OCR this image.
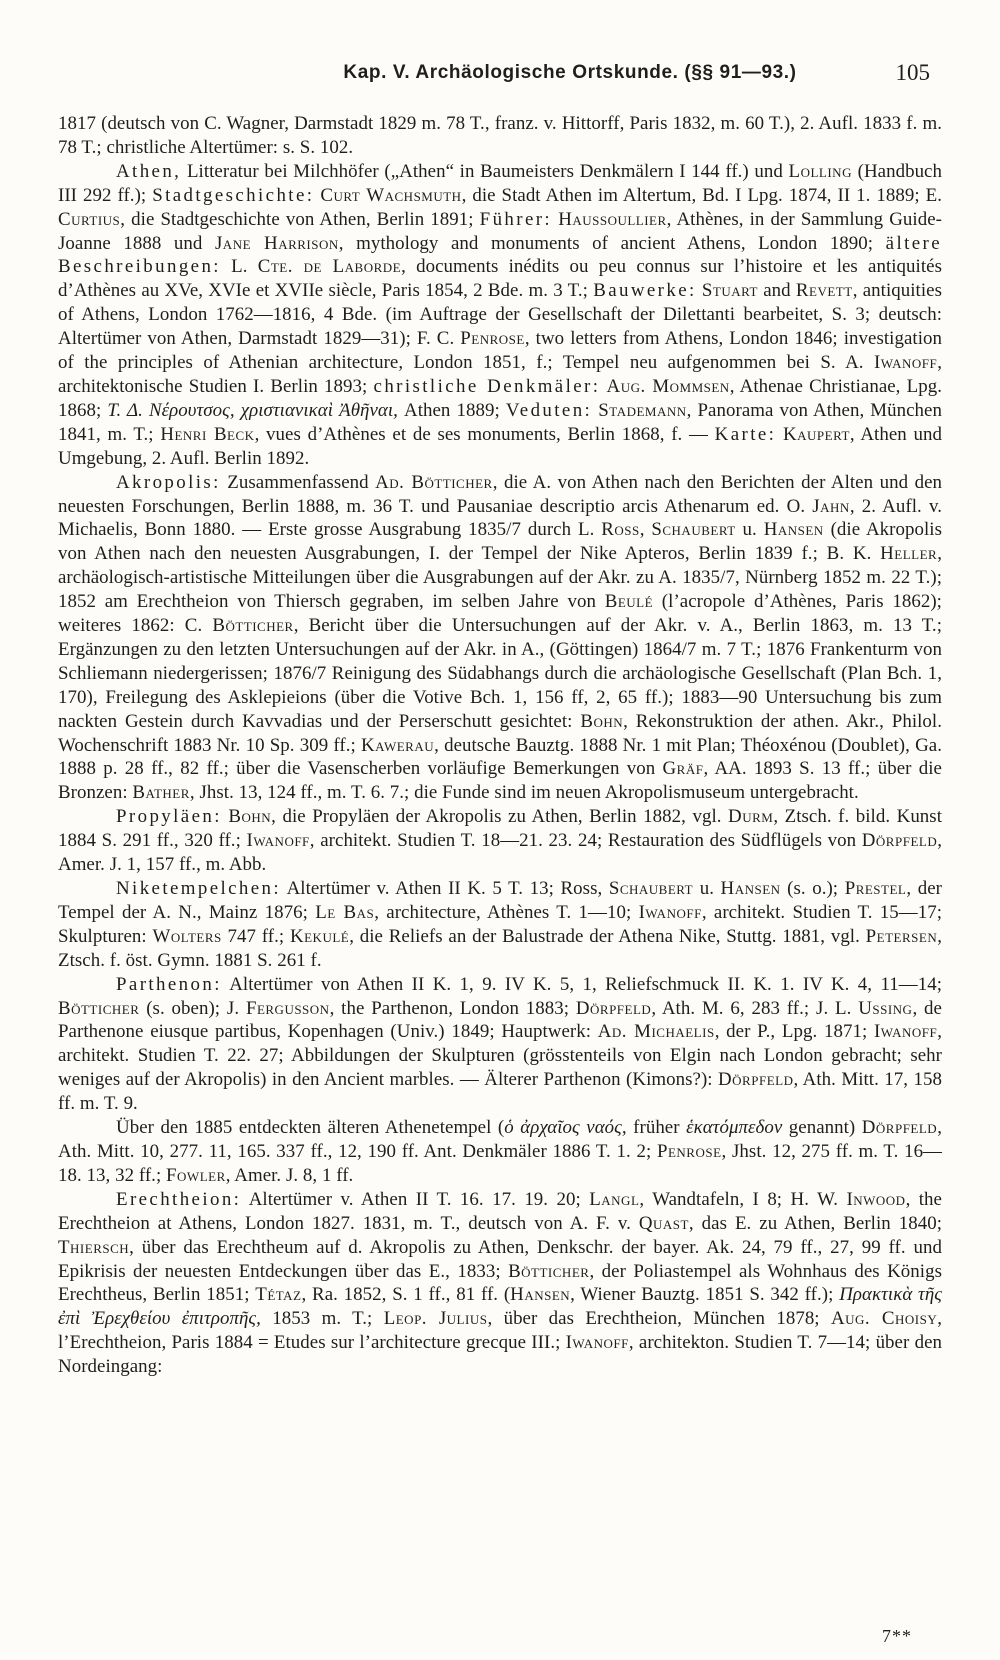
Kap. V. Archäologische Ortskunde. (§§ 91—93.)	105

1817 (deutsch von C. Wagner, Darmstadt 1829 m. 78 T., franz. v. Hittorff, Paris 1832, m. 60 T.), 2. Aufl. 1833 f. m. 78 T.; christliche Altertümer: s. S. 102.

Athen, Litteratur bei Milchhöfer („Athen“ in Baumeisters Denkmälern I 144 ff.) und Lolling (Handbuch III 292 ff.); Stadtgeschichte: Curt Wachsmuth, die Stadt Athen im Altertum, Bd. I Lpg. 1874, II 1. 1889; E. Curtius, die Stadtgeschichte von Athen, Berlin 1891; Führer: Haussoullier, Athènes, in der Sammlung Guide-Joanne 1888 und Jane Harrison, mythology and monuments of ancient Athens, London 1890; ältere Beschreibungen: L. Cte. de Laborde, documents inédits ou peu connus sur l’histoire et les antiquités d’Athènes au XVe, XVIe et XVIIe siècle, Paris 1854, 2 Bde. m. 3 T.; Bauwerke: Stuart and Revett, antiquities of Athens, London 1762—1816, 4 Bde. (im Auftrage der Gesellschaft der Dilettanti bearbeitet, S. 3; deutsch: Altertümer von Athen, Darmstadt 1829—31); F. C. Penrose, two letters from Athens, London 1846; investigation of the principles of Athenian architecture, London 1851, f.; Tempel neu aufgenommen bei S. A. Iwanoff, architektonische Studien I. Berlin 1893; christliche Denkmäler: Aug. Mommsen, Athenae Christianae, Lpg. 1868; Τ. Δ. Νέρουτσος, χριστιανικαὶ Ἀθῆναι, Athen 1889; Veduten: Stademann, Panorama von Athen, München 1841, m. T.; Henri Beck, vues d’Athènes et de ses monuments, Berlin 1868, f. — Karte: Kaupert, Athen und Umgebung, 2. Aufl. Berlin 1892.

Akropolis: Zusammenfassend Ad. Bötticher, die A. von Athen nach den Berichten der Alten und den neuesten Forschungen, Berlin 1888, m. 36 T. und Pausaniae descriptio arcis Athenarum ed. O. Jahn, 2. Aufl. v. Michaelis, Bonn 1880. — Erste grosse Ausgrabung 1835/7 durch L. Ross, Schaubert u. Hansen (die Akropolis von Athen nach den neuesten Ausgrabungen, I. der Tempel der Nike Apteros, Berlin 1839 f.; B. K. Heller, archäologisch-artistische Mitteilungen über die Ausgrabungen auf der Akr. zu A. 1835/7, Nürnberg 1852 m. 22 T.); 1852 am Erechtheion von Thiersch gegraben, im selben Jahre von Beulé (l’acropole d’Athènes, Paris 1862); weiteres 1862: C. Bötticher, Bericht über die Untersuchungen auf der Akr. v. A., Berlin 1863, m. 13 T.; Ergänzungen zu den letzten Untersuchungen auf der Akr. in A., (Göttingen) 1864/7 m. 7 T.; 1876 Frankenturm von Schliemann niedergerissen; 1876/7 Reinigung des Südabhangs durch die archäologische Gesellschaft (Plan Bch. 1, 170), Freilegung des Asklepieions (über die Votive Bch. 1, 156 ff, 2, 65 ff.); 1883—90 Untersuchung bis zum nackten Gestein durch Kavvadias und der Perserschutt gesichtet: Bohn, Rekonstruktion der athen. Akr., Philol. Wochenschrift 1883 Nr. 10 Sp. 309 ff.; Kawerau, deutsche Bauztg. 1888 Nr. 1 mit Plan; Théoxénou (Doublet), Ga. 1888 p. 28 ff., 82 ff.; über die Vasenscherben vorläufige Bemerkungen von Gräf, AA. 1893 S. 13 ff.; über die Bronzen: Bather, Jhst. 13, 124 ff., m. T. 6. 7.; die Funde sind im neuen Akropolismuseum untergebracht.

Propyläen: Bohn, die Propyläen der Akropolis zu Athen, Berlin 1882, vgl. Durm, Ztsch. f. bild. Kunst 1884 S. 291 ff., 320 ff.; Iwanoff, architekt. Studien T. 18—21. 23. 24; Restauration des Südflügels von Dörpfeld, Amer. J. 1, 157 ff., m. Abb.

Niketempelchen: Altertümer v. Athen II K. 5 T. 13; Ross, Schaubert u. Hansen (s. o.); Prestel, der Tempel der A. N., Mainz 1876; Le Bas, architecture, Athènes T. 1—10; Iwanoff, architekt. Studien T. 15—17; Skulpturen: Wolters 747 ff.; Kekulé, die Reliefs an der Balustrade der Athena Nike, Stuttg. 1881, vgl. Petersen, Ztsch. f. öst. Gymn. 1881 S. 261 f.

Parthenon: Altertümer von Athen II K. 1, 9. IV K. 5, 1, Reliefschmuck II. K. 1. IV K. 4, 11—14; Bötticher (s. oben); J. Fergusson, the Parthenon, London 1883; Dörpfeld, Ath. M. 6, 283 ff.; J. L. Ussing, de Parthenone eiusque partibus, Kopenhagen (Univ.) 1849; Hauptwerk: Ad. Michaelis, der P., Lpg. 1871; Iwanoff, architekt. Studien T. 22. 27; Abbildungen der Skulpturen (grösstenteils von Elgin nach London gebracht; sehr weniges auf der Akropolis) in den Ancient marbles. — Älterer Parthenon (Kimons?): Dörpfeld, Ath. Mitt. 17, 158 ff. m. T. 9.

Über den 1885 entdeckten älteren Athenetempel (ὁ ἀρχαῖος ναός, früher ἑκατόμπεδον genannt) Dörpfeld, Ath. Mitt. 10, 277. 11, 165. 337 ff., 12, 190 ff. Ant. Denkmäler 1886 T. 1. 2; Penrose, Jhst. 12, 275 ff. m. T. 16—18. 13, 32 ff.; Fowler, Amer. J. 8, 1 ff.

Erechtheion: Altertümer v. Athen II T. 16. 17. 19. 20; Langl, Wandtafeln, I 8; H. W. Inwood, the Erechtheion at Athens, London 1827. 1831, m. T., deutsch von A. F. v. Quast, das E. zu Athen, Berlin 1840; Thiersch, über das Erechtheum auf d. Akropolis zu Athen, Denkschr. der bayer. Ak. 24, 79 ff., 27, 99 ff. und Epikrisis der neuesten Entdeckungen über das E., 1833; Bötticher, der Poliastempel als Wohnhaus des Königs Erechtheus, Berlin 1851; Tétaz, Ra. 1852, S. 1 ff., 81 ff. (Hansen, Wiener Bauztg. 1851 S. 342 ff.); Πρακτικὰ τῆς ἐπὶ Ἐρεχθείου ἐπιτροπῆς, 1853 m. T.; Leop. Julius, über das Erechtheion, München 1878; Aug. Choisy, l’Erechtheion, Paris 1884 = Etudes sur l’architecture grecque III.; Iwanoff, architekton. Studien T. 7—14; über den Nordeingang:

7**
